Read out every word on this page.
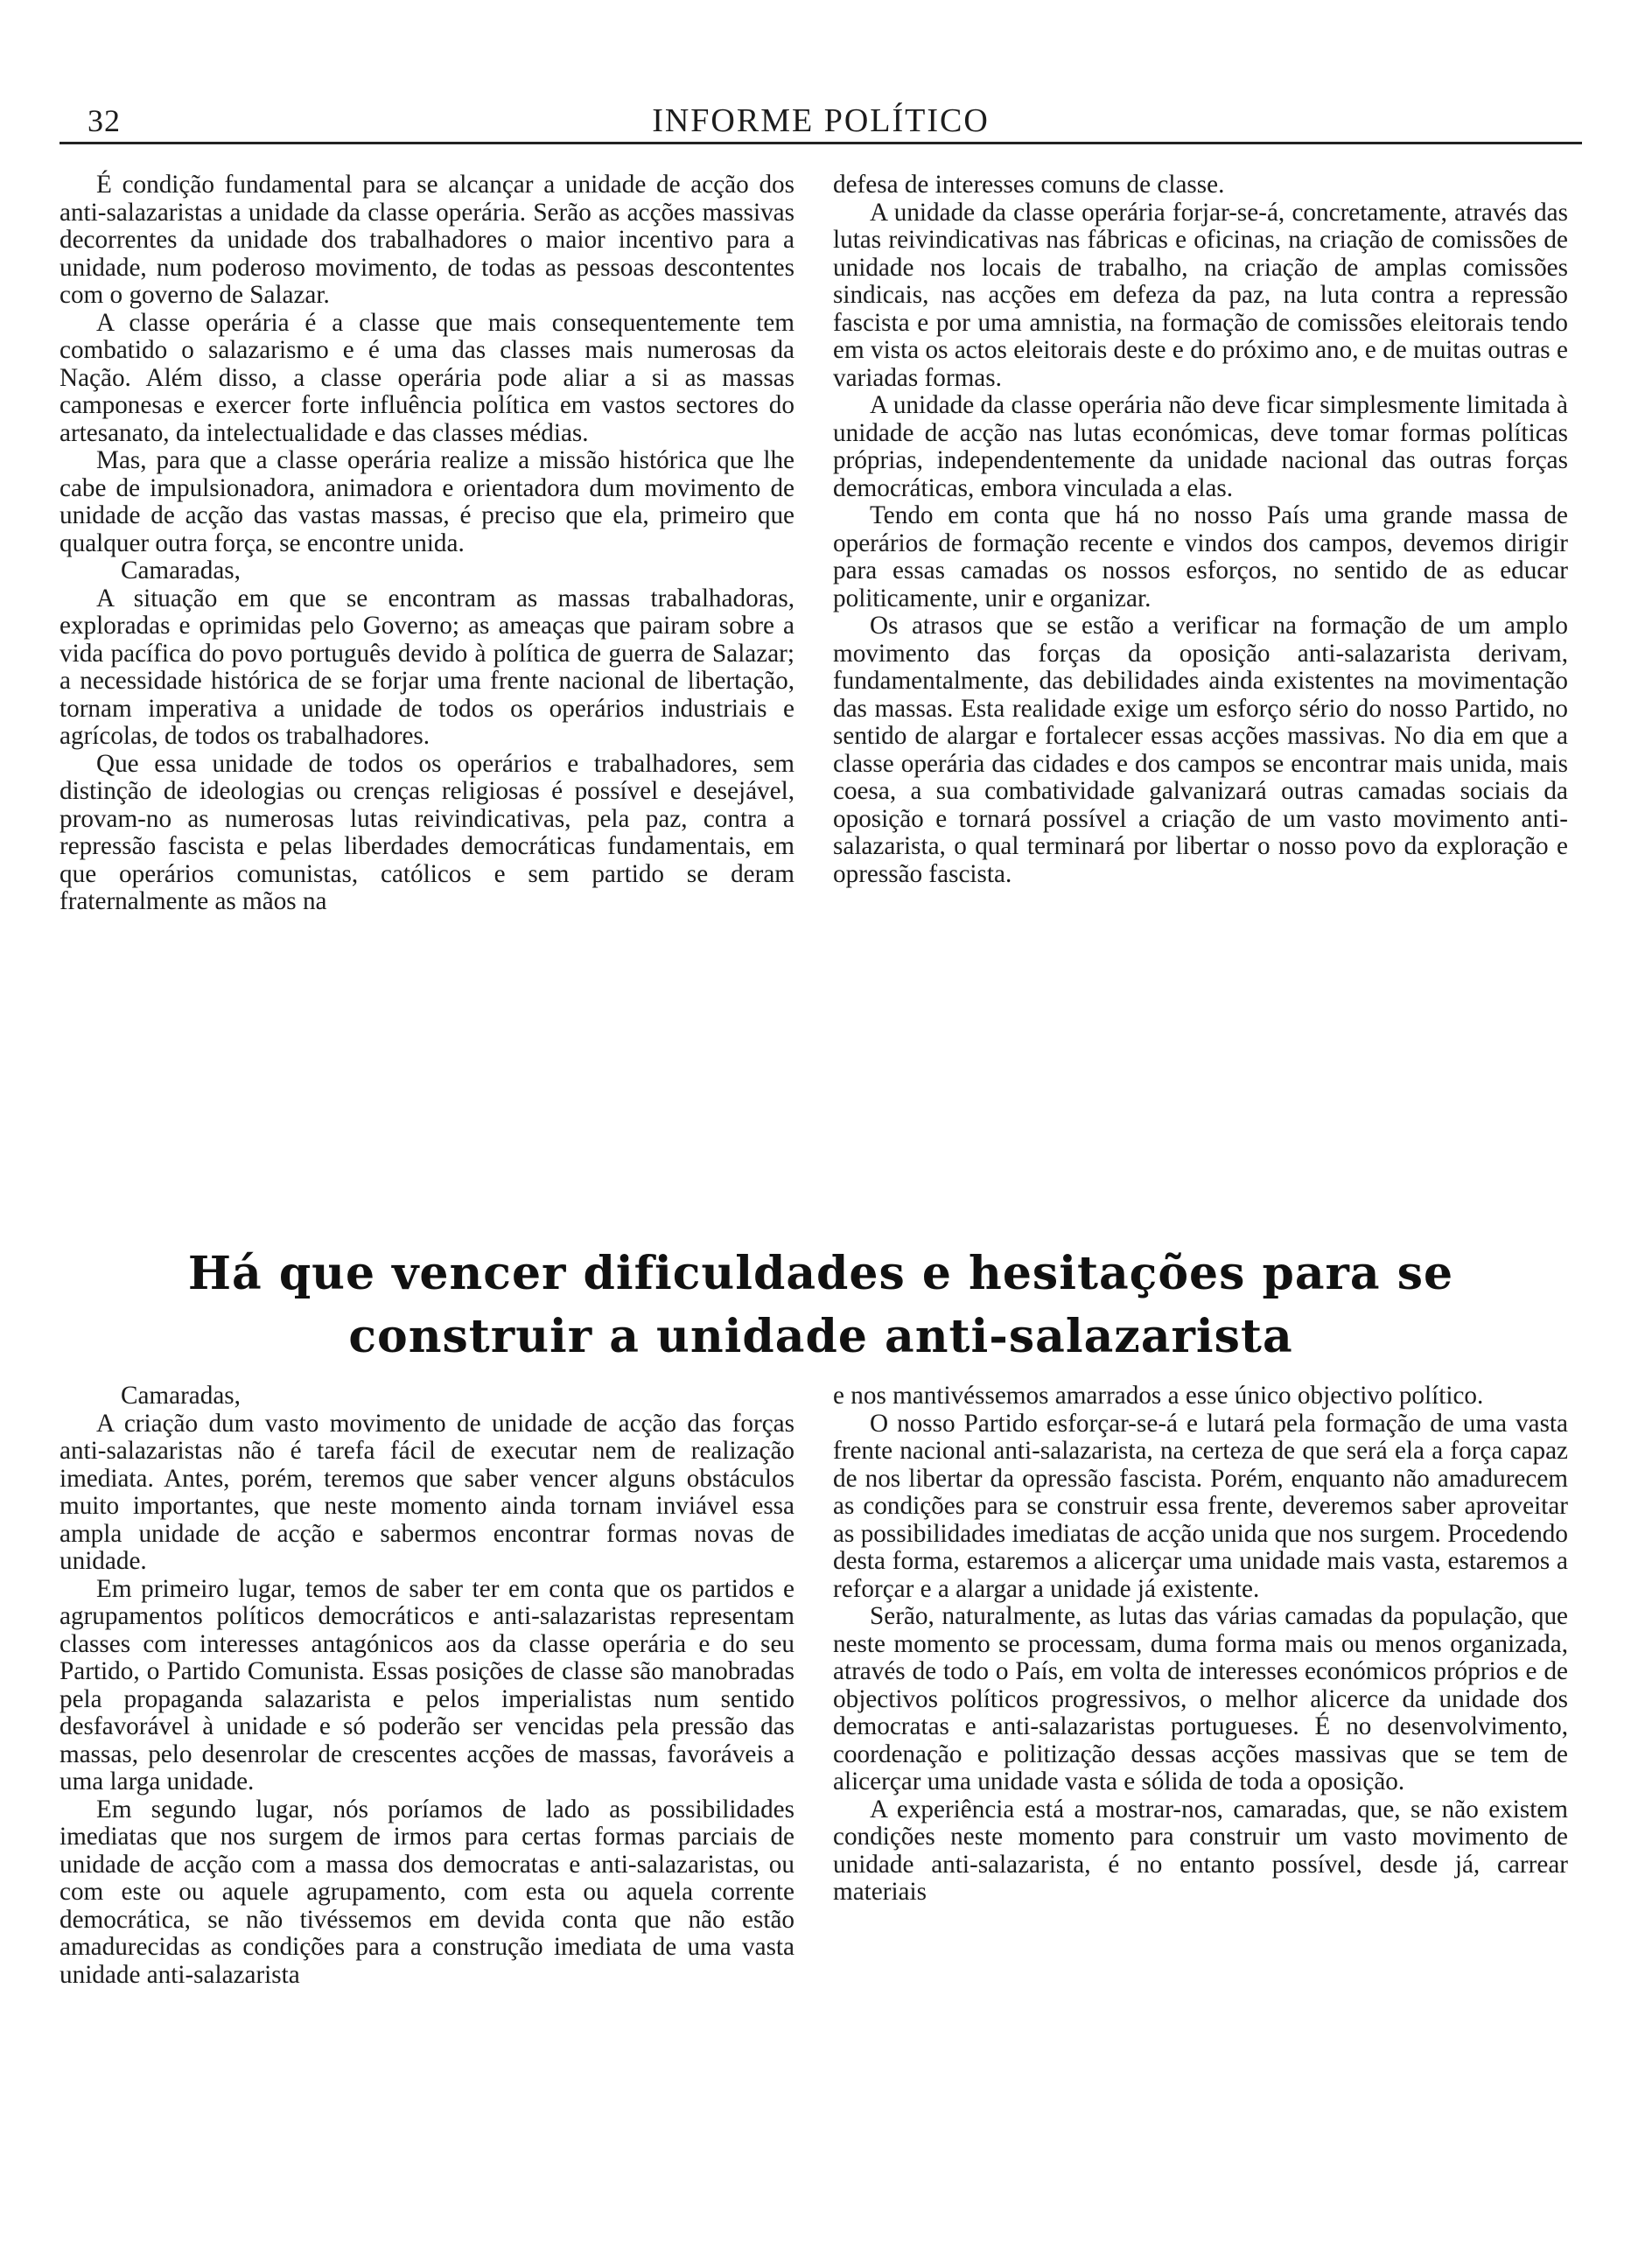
32	INFORME POLÍTICO

É condição fundamental para se alcançar a unidade de acção dos anti-salazaristas a unidade da classe operária. Serão as acções massivas decorrentes da unidade dos trabalhadores o maior incentivo para a unidade, num poderoso movimento, de todas as pessoas descontentes com o governo de Salazar.

A classe operária é a classe que mais consequentemente tem combatido o salazarismo e é uma das classes mais numerosas da Nação. Além disso, a classe operária pode aliar a si as massas camponesas e exercer forte influência política em vastos sectores do artesanato, da intelectualidade e das classes médias.

Mas, para que a classe operária realize a missão histórica que lhe cabe de impulsionadora, animadora e orientadora dum movimento de unidade de acção das vastas massas, é preciso que ela, primeiro que qualquer outra força, se encontre unida.

Camaradas,

A situação em que se encontram as massas trabalhadoras, exploradas e oprimidas pelo Governo; as ameaças que pairam sobre a vida pacífica do povo português devido à política de guerra de Salazar; a necessidade histórica de se forjar uma frente nacional de libertação, tornam imperativa a unidade de todos os operários industriais e agrícolas, de todos os trabalhadores.

Que essa unidade de todos os operários e trabalhadores, sem distinção de ideologias ou crenças religiosas é possível e desejável, provam-no as numerosas lutas reivindicativas, pela paz, contra a repressão fascista e pelas liberdades democráticas fundamentais, em que operários comunistas, católicos e sem partido se deram fraternalmente as mãos na

defesa de interesses comuns de classe.

A unidade da classe operária forjar-se-á, concretamente, através das lutas reivindicativas nas fábricas e oficinas, na criação de comissões de unidade nos locais de trabalho, na criação de amplas comissões sindicais, nas acções em defeza da paz, na luta contra a repressão fascista e por uma amnistia, na formação de comissões eleitorais tendo em vista os actos eleitorais deste e do próximo ano, e de muitas outras e variadas formas.

A unidade da classe operária não deve ficar simplesmente limitada à unidade de acção nas lutas económicas, deve tomar formas políticas próprias, independentemente da unidade nacional das outras forças democráticas, embora vinculada a elas.

Tendo em conta que há no nosso País uma grande massa de operários de formação recente e vindos dos campos, devemos dirigir para essas camadas os nossos esforços, no sentido de as educar politicamente, unir e organizar.

Os atrasos que se estão a verificar na formação de um amplo movimento das forças da oposição anti-salazarista derivam, fundamentalmente, das debilidades ainda existentes na movimentação das massas. Esta realidade exige um esforço sério do nosso Partido, no sentido de alargar e fortalecer essas acções massivas. No dia em que a classe operária das cidades e dos campos se encontrar mais unida, mais coesa, a sua combatividade galvanizará outras camadas sociais da oposição e tornará possível a criação de um vasto movimento anti-salazarista, o qual terminará por libertar o nosso povo da exploração e opressão fascista.

Há que vencer dificuldades e hesitações para se
construir a unidade anti-salazarista

Camaradas,

A criação dum vasto movimento de unidade de acção das forças anti-salazaristas não é tarefa fácil de executar nem de realização imediata. Antes, porém, teremos que saber vencer alguns obstáculos muito importantes, que neste momento ainda tornam inviável essa ampla unidade de acção e sabermos encontrar formas novas de unidade.

Em primeiro lugar, temos de saber ter em conta que os partidos e agrupamentos políticos democráticos e anti-salazaristas representam classes com interesses antagónicos aos da classe operária e do seu Partido, o Partido Comunista. Essas posições de classe são manobradas pela propaganda salazarista e pelos imperialistas num sentido desfavorável à unidade e só poderão ser vencidas pela pressão das massas, pelo desenrolar de crescentes acções de massas, favoráveis a uma larga unidade.

Em segundo lugar, nós poríamos de lado as possibilidades imediatas que nos surgem de irmos para certas formas parciais de unidade de acção com a massa dos democratas e anti-salazaristas, ou com este ou aquele agrupamento, com esta ou aquela corrente democrática, se não tivéssemos em devida conta que não estão amadurecidas as condições para a construção imediata de uma vasta unidade anti-salazarista

e nos mantivéssemos amarrados a esse único objectivo político.

O nosso Partido esforçar-se-á e lutará pela formação de uma vasta frente nacional anti-salazarista, na certeza de que será ela a força capaz de nos libertar da opressão fascista. Porém, enquanto não amadurecem as condições para se construir essa frente, deveremos saber aproveitar as possibilidades imediatas de acção unida que nos surgem. Procedendo desta forma, estaremos a alicerçar uma unidade mais vasta, estaremos a reforçar e a alargar a unidade já existente.

Serão, naturalmente, as lutas das várias camadas da população, que neste momento se processam, duma forma mais ou menos organizada, através de todo o País, em volta de interesses económicos próprios e de objectivos políticos progressivos, o melhor alicerce da unidade dos democratas e anti-salazaristas portugueses. É no desenvolvimento, coordenação e politização dessas acções massivas que se tem de alicerçar uma unidade vasta e sólida de toda a oposição.

A experiência está a mostrar-nos, camaradas, que, se não existem condições neste momento para construir um vasto movimento de unidade anti-salazarista, é no entanto possível, desde já, carrear materiais
